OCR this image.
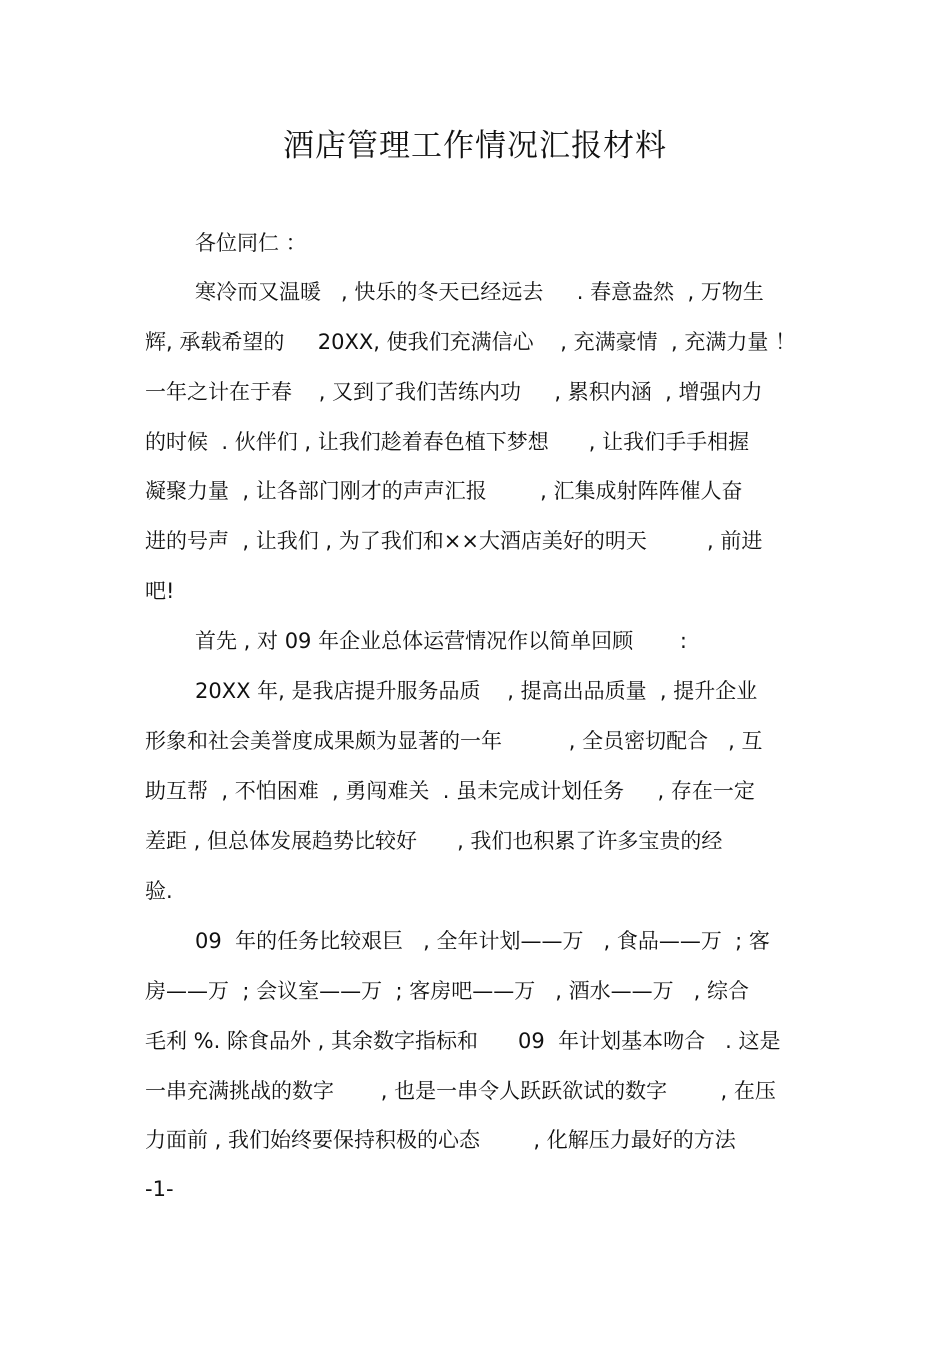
酒店管理工作情况汇报材料
各位同仁 ：
寒冷而又温暖   , 快乐的冬天已经远去     . 春意盎然  , 万物生
辉, 承载希望的     20XX, 使我们充满信心    , 充满豪情  , 充满力量 ！
一年之计在于春    , 又到了我们苦练内功     , 累积内涵  , 增强内力
的时候  . 伙伴们 , 让我们趁着春色植下梦想      , 让我们手手相握
凝聚力量  , 让各部门刚才的声声汇报        , 汇集成射阵阵催人奋
进的号声  , 让我们 , 为了我们和××大酒店美好的明天         , 前进
吧!
首先 , 对 09 年企业总体运营情况作以简单回顾       :
20XX 年, 是我店提升服务品质    , 提高出品质量  , 提升企业
形象和社会美誉度成果颇为显著的一年          , 全员密切配合   , 互
助互帮  , 不怕困难  , 勇闯难关  . 虽未完成计划任务     , 存在一定
差距 , 但总体发展趋势比较好      , 我们也积累了许多宝贵的经
验.
09  年的任务比较艰巨   , 全年计划——万   , 食品——万  ; 客
房——万  ; 会议室——万  ; 客房吧——万   , 酒水——万   , 综合
毛利 %. 除食品外 , 其余数字指标和      09  年计划基本吻合   . 这是
一串充满挑战的数字       , 也是一串令人跃跃欲试的数字        , 在压
力面前 , 我们始终要保持积极的心态        , 化解压力最好的方法
-1-
